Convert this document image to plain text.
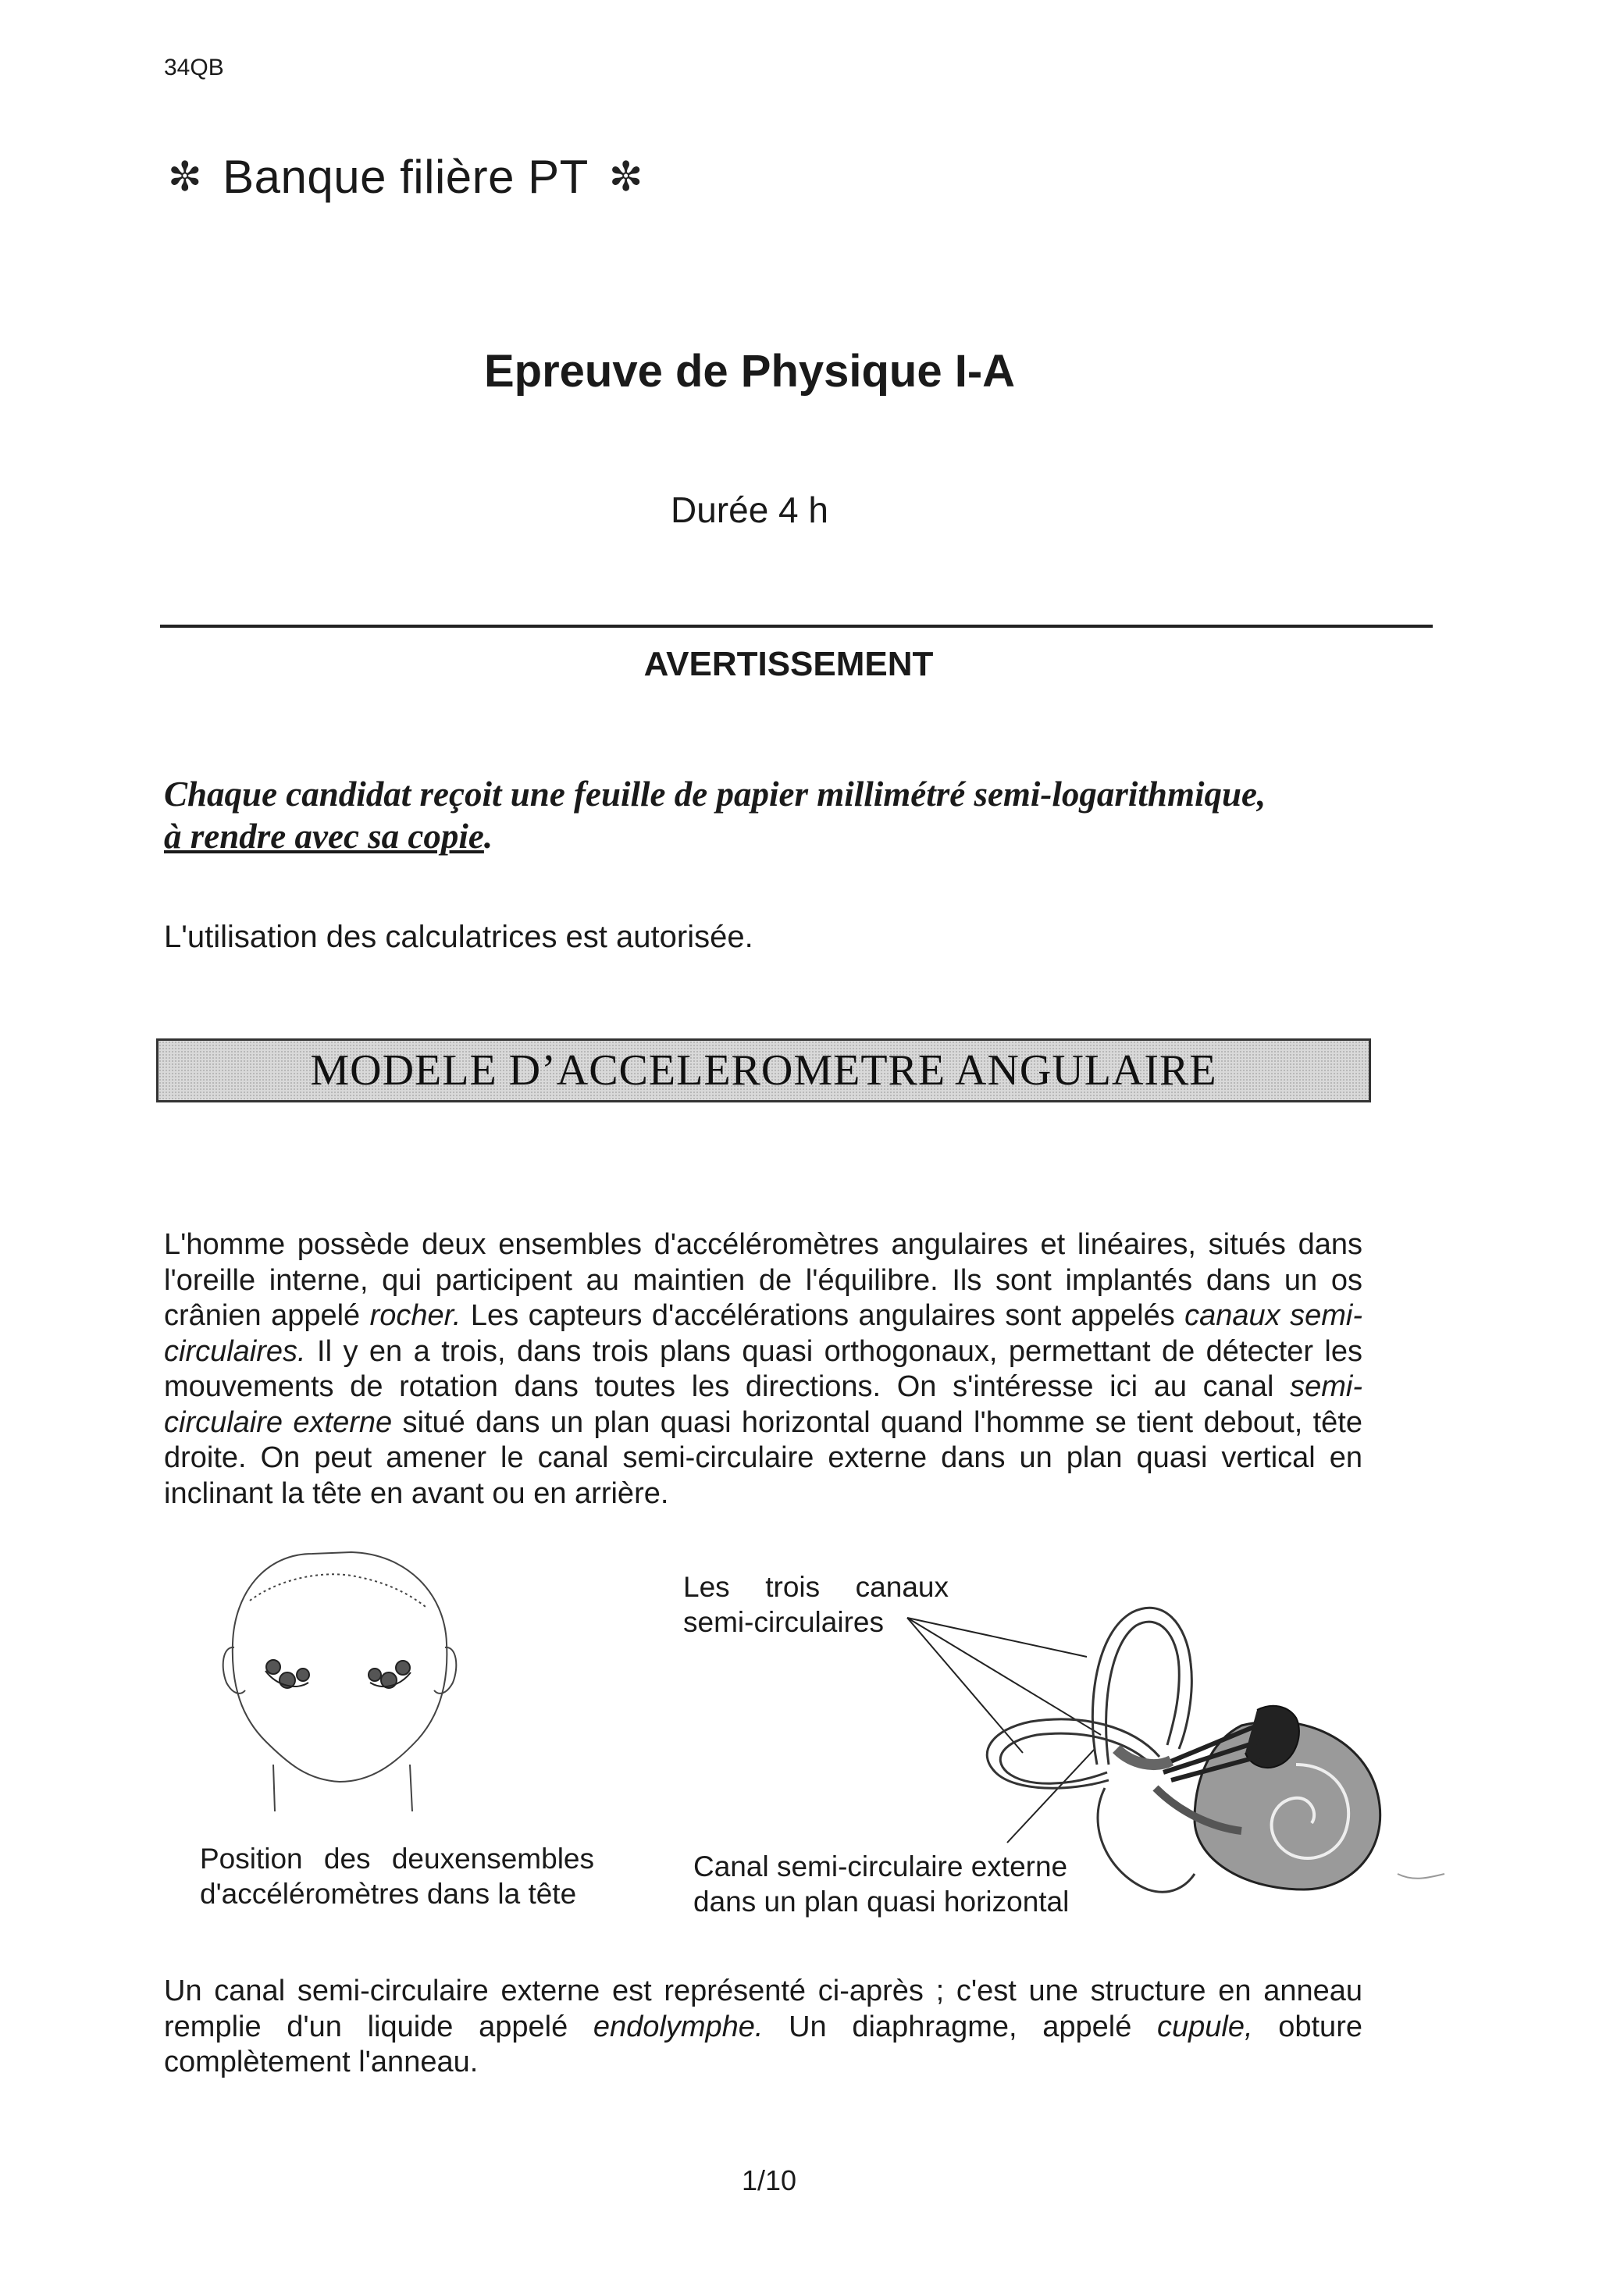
34QB
✼ Banque filière PT ✼
Epreuve de Physique I-A
Durée 4 h
AVERTISSEMENT
Chaque candidat reçoit une feuille de papier millimétré semi-logarithmique,
à rendre avec sa copie.
L'utilisation des calculatrices est autorisée.
MODELE D’ACCELEROMETRE ANGULAIRE

L'homme possède deux ensembles d'accéléromètres angulaires et linéaires, situés dans l'oreille interne, qui participent au maintien de l'équilibre. Ils sont implantés dans un os crânien appelé rocher. Les capteurs d'accélérations angulaires sont appelés canaux semi-circulaires. Il y en a trois, dans trois plans quasi orthogonaux, permettant de détecter les mouvements de rotation dans toutes les directions. On s'intéresse ici au canal semi-circulaire externe situé dans un plan quasi horizontal quand l'homme se tient debout, tête droite. On peut amener le canal semi-circulaire externe dans un plan quasi vertical en inclinant la tête en avant ou en arrière.

Position des deuxensembles d'accéléromètres dans la tête
Les trois canaux semi-circulaires
Canal semi-circulaire externe dans un plan quasi horizontal
Un canal semi-circulaire externe est représenté ci-après ; c'est une structure en anneau remplie d'un liquide appelé endolymphe. Un diaphragme, appelé cupule, obture complètement l'anneau.
1/10
